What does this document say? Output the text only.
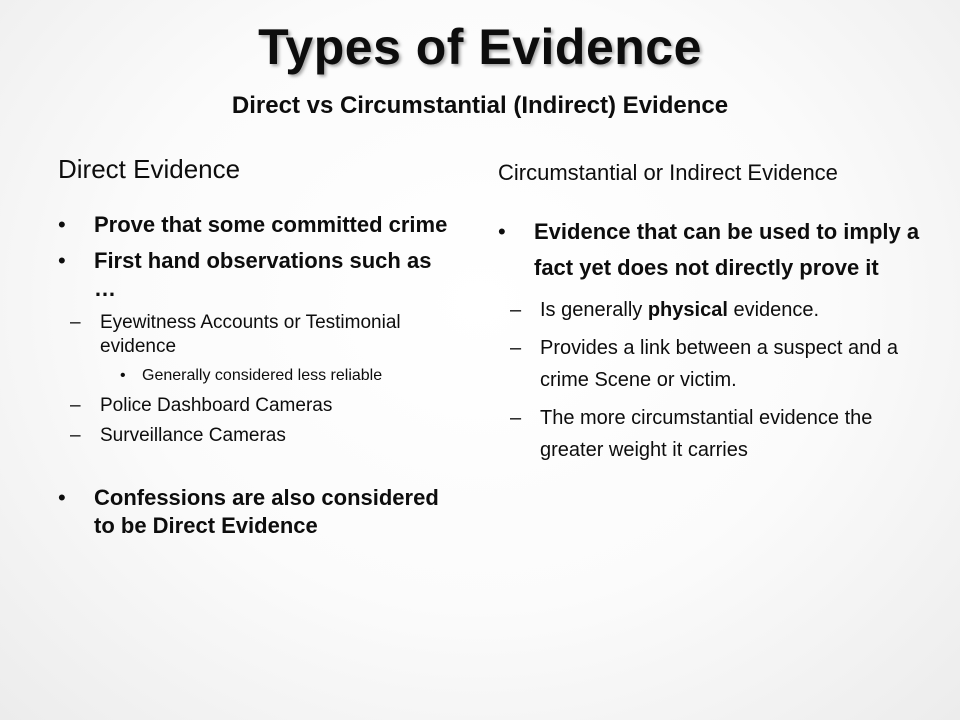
Types of Evidence
Direct vs Circumstantial (Indirect) Evidence
Direct Evidence
• Prove that some committed crime
• First hand observations such as …
– Eyewitness Accounts or Testimonial evidence
• Generally considered less reliable
– Police Dashboard Cameras
– Surveillance Cameras
• Confessions are also considered to be Direct Evidence
Circumstantial or Indirect Evidence
• Evidence that can be used to imply a fact yet does not directly prove it
– Is generally physical evidence.
– Provides a link between a suspect and a crime Scene or victim.
– The more circumstantial evidence the greater weight it carries
